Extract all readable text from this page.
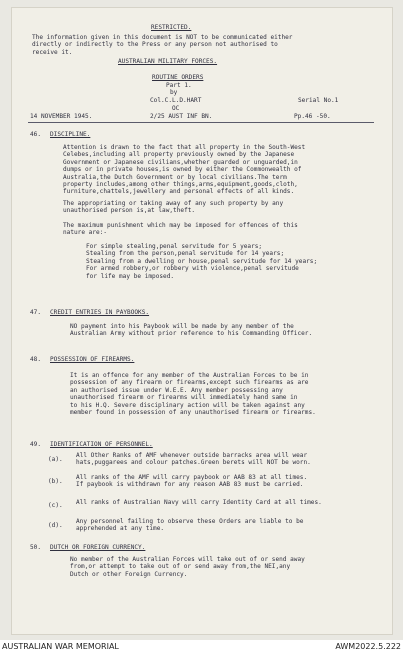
RESTRICTED.
The information given in this document is NOT to be communicated either
directly or indirectly to the Press or any person not authorised to
receive it.
AUSTRALIAN MILITARY FORCES.
ROUTINE ORDERS
Part 1.
by
Col.C.L.D.HART
OC
2/25 AUST INF BN.
Serial No.1
14 NOVEMBER 1945.	Pp.46 -50.
46. DISCIPLINE.
Attention is drawn to the fact that all property in the South-West
Celebes,including all property previously owned by the Japanese
Government or Japanese civilians,whether guarded or unguarded,in
dumps or in private houses,is owned by either the Commonwealth of
Australia,the Dutch Government or by local civilians.The term
property includes,among other things,arms,equipment,goods,cloth,
furniture,chattels,jewellery and personal effects of all kinds.
The appropriating or taking away of any such property by any
unauthorised person is,at law,theft.
The maximum punishment which may be imposed for offences of this
nature are:-
For simple stealing,penal servitude for 5 years;
Stealing from the person,penal servitude for 14 years;
Stealing from a dwelling or house,penal servitude for 14 years;
For armed robbery,or robbery with violence,penal servitude
for life may be imposed.
47. CREDIT ENTRIES IN PAYBOOKS.
NO payment into his Paybook will be made by any member of the
Australian Army without prior reference to his Commanding Officer.
48. POSSESSION OF FIREARMS.
It is an offence for any member of the Australian Forces to be in
possession of any firearm or firearms,except such firearms as are
an authorised issue under W.E.E. Any member possessing any
unauthorised firearm or firearms will immediately hand same in
to his H.Q. Severe disciplinary action will be taken against any
member found in possession of any unauthorised firearm or firearms.
49. IDENTIFICATION OF PERSONNEL.
(a).
All Other Ranks of AMF whenever outside barracks area will wear
hats,puggarees and colour patches.Green berets will NOT be worn.
(b).
All ranks of the AMF will carry paybook or AAB 83 at all times.
If paybook is withdrawn for any reason AAB 83 must be carried.
(c). All ranks of Australian Navy will carry Identity Card at all times.
(d).
Any personnel failing to observe these Orders are liable to be
apprehended at any time.
50. DUTCH OR FOREIGN CURRENCY.
No member of the Australian Forces will take out of or send away
from,or attempt to take out of or send away from,the NEI,any
Dutch or other Foreign Currency.
AUSTRALIAN WAR MEMORIAL	AWM2022.5.222
